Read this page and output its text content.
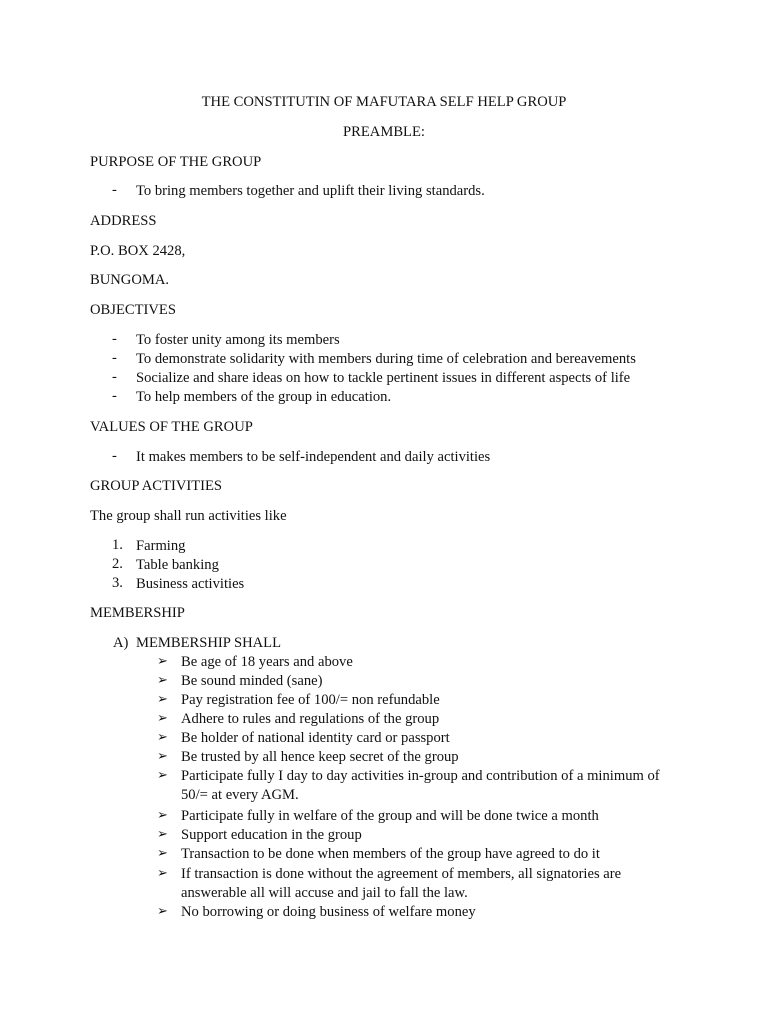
THE CONSTITUTIN OF MAFUTARA SELF HELP GROUP
PREAMBLE:
PURPOSE OF THE GROUP
- To bring members together and uplift their living standards.
ADDRESS
P.O. BOX 2428,
BUNGOMA.
OBJECTIVES
- To foster unity among its members
- To demonstrate solidarity with members during time of celebration and bereavements
- Socialize and share ideas on how to tackle pertinent issues in different aspects of life
- To help members of the group in education.
VALUES OF THE GROUP
- It makes members to be self-independent and daily activities
GROUP ACTIVITIES
The group shall run activities like
1. Farming
2. Table banking
3. Business activities
MEMBERSHIP
A) MEMBERSHIP SHALL
➢ Be age of 18 years and above
➢ Be sound minded (sane)
➢ Pay registration fee of 100/= non refundable
➢ Adhere to rules and regulations of the group
➢ Be holder of national identity card or passport
➢ Be trusted by all hence keep secret of the group
➢ Participate fully I day to day activities in-group and contribution of a minimum of
50/= at every AGM.
➢ Participate fully in welfare of the group and will be done twice a month
➢ Support education in the group
➢ Transaction to be done when members of the group have agreed to do it
➢ If transaction is done without the agreement of members, all signatories are
answerable all will accuse and jail to fall the law.
➢ No borrowing or doing business of welfare money
